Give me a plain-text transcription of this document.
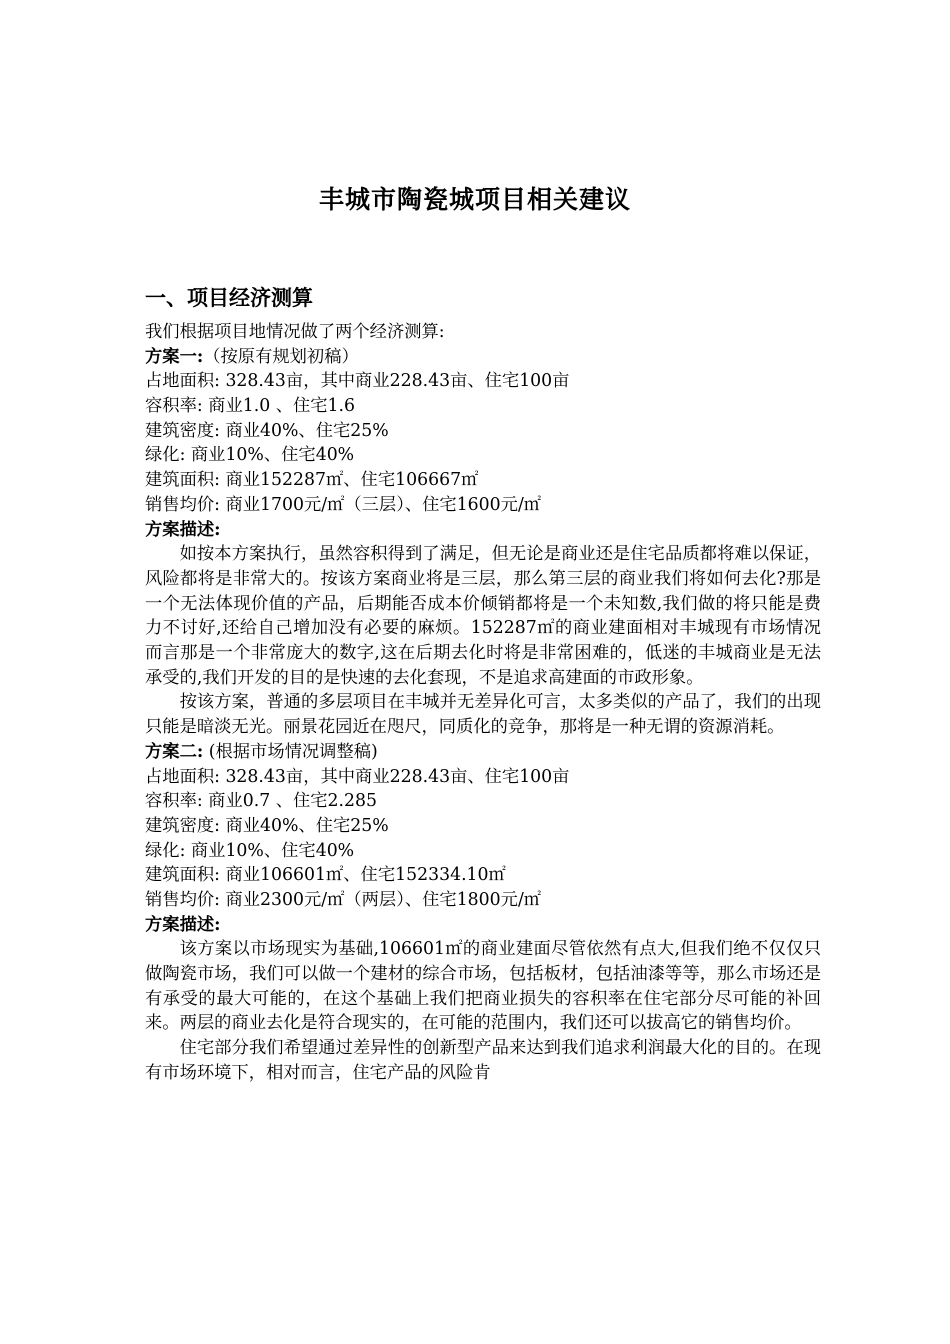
丰城市陶瓷城项目相关建议
一、项目经济测算
我们根据项目地情况做了两个经济测算:
方案一:（按原有规划初稿）
占地面积: 328.43亩，其中商业228.43亩、住宅100亩
容积率: 商业1.0 、住宅1.6
建筑密度: 商业40%、住宅25%
绿化: 商业10%、住宅40%
建筑面积: 商业152287㎡、住宅106667㎡
销售均价: 商业1700元/㎡（三层）、住宅1600元/㎡
方案描述:

如按本方案执行，虽然容积得到了满足，但无论是商业还是住宅品质都将难以保证，风险都将是非常大的。按该方案商业将是三层，那么第三层的商业我们将如何去化?那是一个无法体现价值的产品，后期能否成本价倾销都将是一个未知数,我们做的将只能是费力不讨好,还给自己增加没有必要的麻烦。152287㎡的商业建面相对丰城现有市场情况而言那是一个非常庞大的数字,这在后期去化时将是非常困难的，低迷的丰城商业是无法承受的,我们开发的目的是快速的去化套现，不是追求高建面的市政形象。

按该方案，普通的多层项目在丰城并无差异化可言，太多类似的产品了，我们的出现只能是暗淡无光。丽景花园近在咫尺，同质化的竞争，那将是一种无谓的资源消耗。

方案二: (根据市场情况调整稿)
占地面积: 328.43亩，其中商业228.43亩、住宅100亩
容积率: 商业0.7 、住宅2.285
建筑密度: 商业40%、住宅25%
绿化: 商业10%、住宅40%
建筑面积: 商业106601㎡、住宅152334.10㎡
销售均价: 商业2300元/㎡（两层）、住宅1800元/㎡
方案描述:

该方案以市场现实为基础,106601㎡的商业建面尽管依然有点大,但我们绝不仅仅只做陶瓷市场，我们可以做一个建材的综合市场，包括板材，包括油漆等等，那么市场还是有承受的最大可能的，在这个基础上我们把商业损失的容积率在住宅部分尽可能的补回来。两层的商业去化是符合现实的，在可能的范围内，我们还可以拔高它的销售均价。

住宅部分我们希望通过差异性的创新型产品来达到我们追求利润最大化的目的。在现有市场环境下，相对而言，住宅产品的风险肯
